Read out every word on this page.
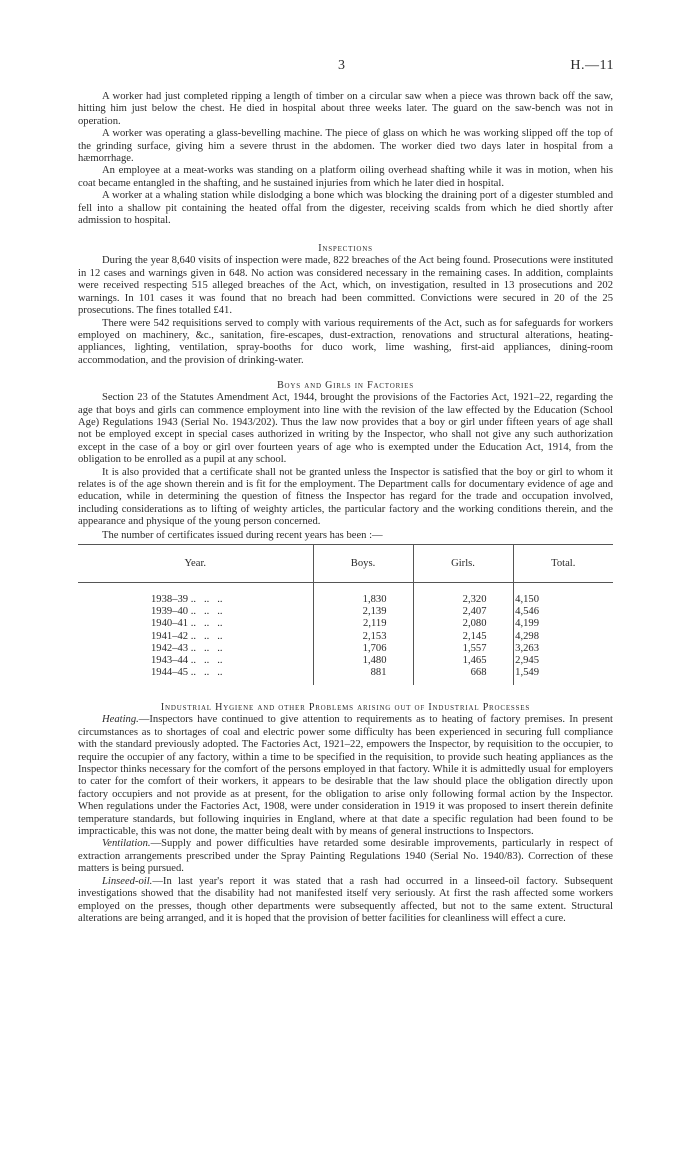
3	H.—11

A worker had just completed ripping a length of timber on a circular saw when a piece was thrown back off the saw, hitting him just below the chest. He died in hospital about three weeks later. The guard on the saw-bench was not in operation.

A worker was operating a glass-bevelling machine. The piece of glass on which he was working slipped off the top of the grinding surface, giving him a severe thrust in the abdomen. The worker died two days later in hospital from a hæmorrhage.

An employee at a meat-works was standing on a platform oiling overhead shafting while it was in motion, when his coat became entangled in the shafting, and he sustained injuries from which he later died in hospital.

A worker at a whaling station while dislodging a bone which was blocking the draining port of a digester stumbled and fell into a shallow pit containing the heated offal from the digester, receiving scalds from which he died shortly after admission to hospital.

Inspections

During the year 8,640 visits of inspection were made, 822 breaches of the Act being found. Prosecutions were instituted in 12 cases and warnings given in 648. No action was considered necessary in the remaining cases. In addition, complaints were received respecting 515 alleged breaches of the Act, which, on investigation, resulted in 13 prosecutions and 202 warnings. In 101 cases it was found that no breach had been committed. Convictions were secured in 20 of the 25 prosecutions. The fines totalled £41.

There were 542 requisitions served to comply with various requirements of the Act, such as for safeguards for workers employed on machinery, &c., sanitation, fire-escapes, dust-extraction, renovations and structural alterations, heating-appliances, lighting, ventilation, spray-booths for duco work, lime washing, first-aid appliances, dining-room accommodation, and the provision of drinking-water.

Boys and Girls in Factories

Section 23 of the Statutes Amendment Act, 1944, brought the provisions of the Factories Act, 1921–22, regarding the age that boys and girls can commence employment into line with the revision of the law effected by the Education (School Age) Regulations 1943 (Serial No. 1943/202). Thus the law now provides that a boy or girl under fifteen years of age shall not be employed except in special cases authorized in writing by the Inspector, who shall not give any such authorization except in the case of a boy or girl over fourteen years of age who is exempted under the Education Act, 1914, from the obligation to be enrolled as a pupil at any school.

It is also provided that a certificate shall not be granted unless the Inspector is satisfied that the boy or girl to whom it relates is of the age shown therein and is fit for the employment. The Department calls for documentary evidence of age and education, while in determining the question of fitness the Inspector has regard for the trade and occupation involved, including considerations as to lifting of weighty articles, the particular factory and the working conditions therein, and the appearance and physique of the young person concerned.

The number of certificates issued during recent years has been :—
Year.	Boys.	Girls.	Total.
1938–39 ..   ..   ..	1,830	2,320	4,150
1939–40 ..   ..   ..	2,139	2,407	4,546
1940–41 ..   ..   ..	2,119	2,080	4,199
1941–42 ..   ..   ..	2,153	2,145	4,298
1942–43 ..   ..   ..	1,706	1,557	3,263
1943–44 ..   ..   ..	1,480	1,465	2,945
1944–45 ..   ..   ..	881	668	1,549
Industrial Hygiene and other Problems arising out of Industrial Processes

Heating.—Inspectors have continued to give attention to requirements as to heating of factory premises. In present circumstances as to shortages of coal and electric power some difficulty has been experienced in securing full compliance with the standard previously adopted. The Factories Act, 1921–22, empowers the Inspector, by requisition to the occupier, to require the occupier of any factory, within a time to be specified in the requisition, to provide such heating appliances as the Inspector thinks necessary for the comfort of the persons employed in that factory. While it is admittedly usual for employers to cater for the comfort of their workers, it appears to be desirable that the law should place the obligation directly upon factory occupiers and not provide as at present, for the obligation to arise only following formal action by the Inspector. When regulations under the Factories Act, 1908, were under consideration in 1919 it was proposed to insert therein definite temperature standards, but following inquiries in England, where at that date a specific regulation had been found to be impracticable, this was not done, the matter being dealt with by means of general instructions to Inspectors.

Ventilation.—Supply and power difficulties have retarded some desirable improvements, particularly in respect of extraction arrangements prescribed under the Spray Painting Regulations 1940 (Serial No. 1940/83). Correction of these matters is being pursued.

Linseed-oil.—In last year's report it was stated that a rash had occurred in a linseed-oil factory. Subsequent investigations showed that the disability had not manifested itself very seriously. At first the rash affected some workers employed on the presses, though other departments were subsequently affected, but not to the same extent. Structural alterations are being arranged, and it is hoped that the provision of better facilities for cleanliness will effect a cure.
